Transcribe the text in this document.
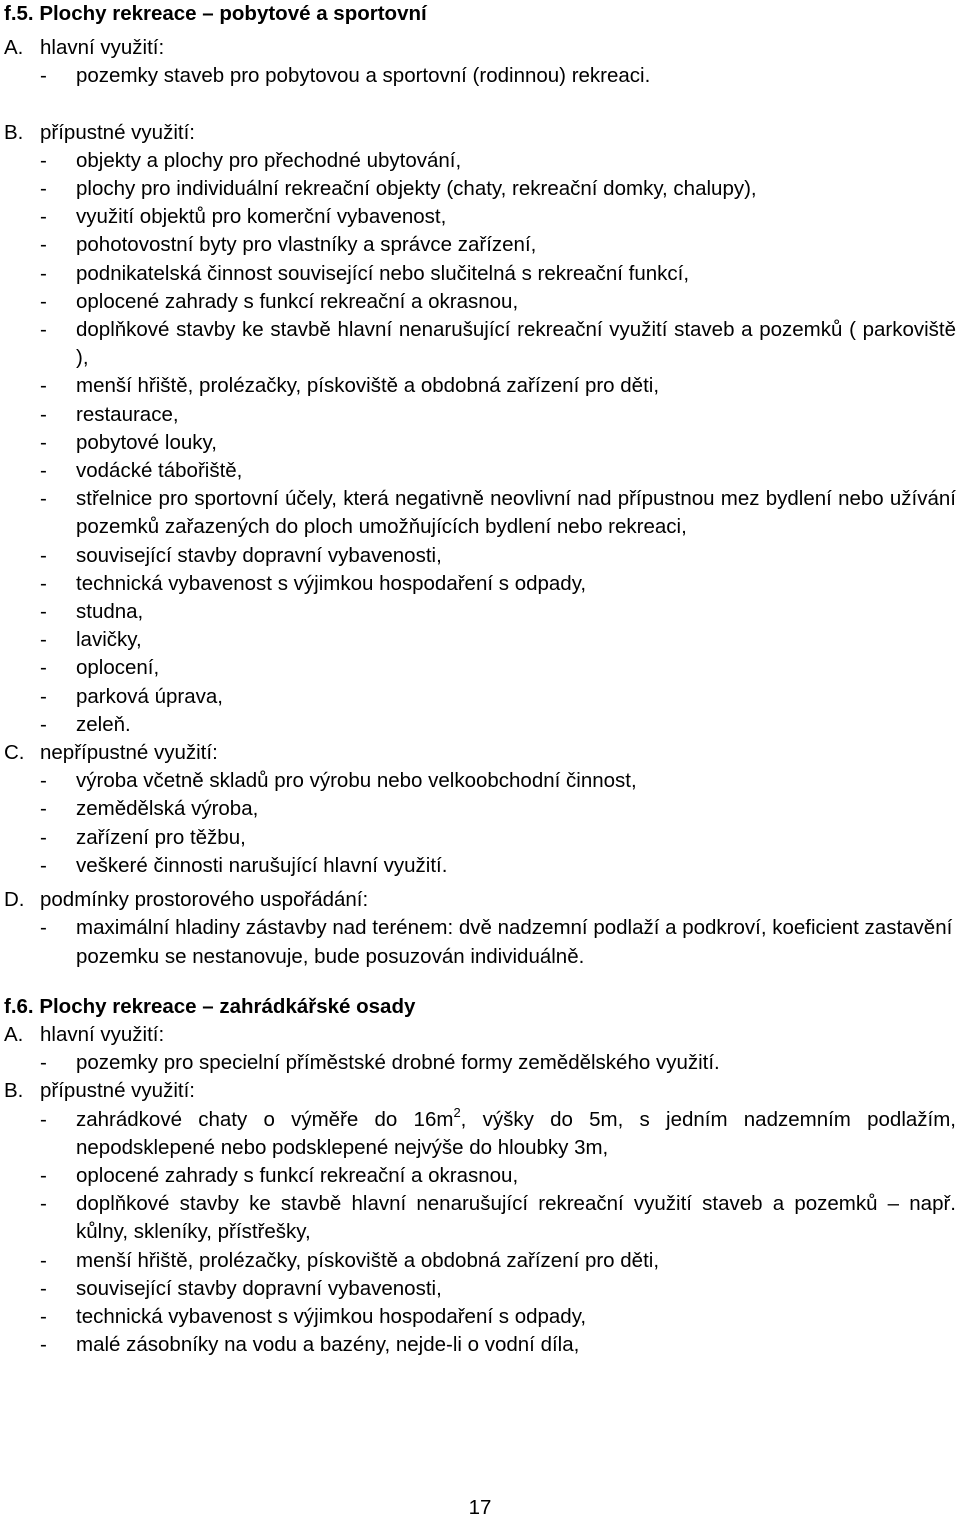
f.5. Plochy rekreace – pobytové a sportovní

A. hlavní využití:

- pozemky staveb pro pobytovou a sportovní (rodinnou) rekreaci.

B. přípustné využití:

- objekty a plochy pro přechodné ubytování,
- plochy pro individuální rekreační objekty (chaty, rekreační domky, chalupy),
- využití objektů pro komerční vybavenost,
- pohotovostní byty pro vlastníky a správce zařízení,
- podnikatelská činnost související nebo slučitelná s rekreační funkcí,
- oplocené zahrady s funkcí rekreační a okrasnou,
- doplňkové stavby ke stavbě hlavní nenarušující rekreační využití staveb a pozemků ( parkoviště ),
- menší hřiště, prolézačky, pískoviště a obdobná zařízení pro děti,
- restaurace,
- pobytové louky,
- vodácké tábořiště,
- střelnice pro sportovní účely, která negativně neovlivní nad přípustnou mez bydlení nebo užívání pozemků zařazených do ploch umožňujících bydlení nebo rekreaci,
- související stavby dopravní vybavenosti,
- technická vybavenost s výjimkou hospodaření s odpady,
- studna,
- lavičky,
- oplocení,
- parková úprava,
- zeleň.

C. nepřípustné využití:

- výroba včetně skladů pro výrobu nebo velkoobchodní činnost,
- zemědělská výroba,
- zařízení pro těžbu,
- veškeré činnosti narušující hlavní využití.

D. podmínky prostorového uspořádání:

- maximální hladiny zástavby nad terénem: dvě nadzemní podlaží a podkroví, koeficient zastavění pozemku se nestanovuje, bude posuzován individuálně.

f.6. Plochy rekreace – zahrádkářské osady

A. hlavní využití:

- pozemky pro specielní příměstské drobné formy zemědělského využití.

B. přípustné využití:

- zahrádkové chaty o výměře do $16m^2$, výšky do 5m, s jedním nadzemním podlažím, nepodsklepené nebo podsklepené nejvýše do hloubky 3m,
- oplocené zahrady s funkcí rekreační a okrasnou,
- doplňkové stavby ke stavbě hlavní nenarušující rekreační využití staveb a pozemků – např. kůlny, skleníky, přístřešky,
- menší hřiště, prolézačky, pískoviště a obdobná zařízení pro děti,
- související stavby dopravní vybavenosti,
- technická vybavenost s výjimkou hospodaření s odpady,
- malé zásobníky na vodu a bazény, nejde-li o vodní díla,
17
